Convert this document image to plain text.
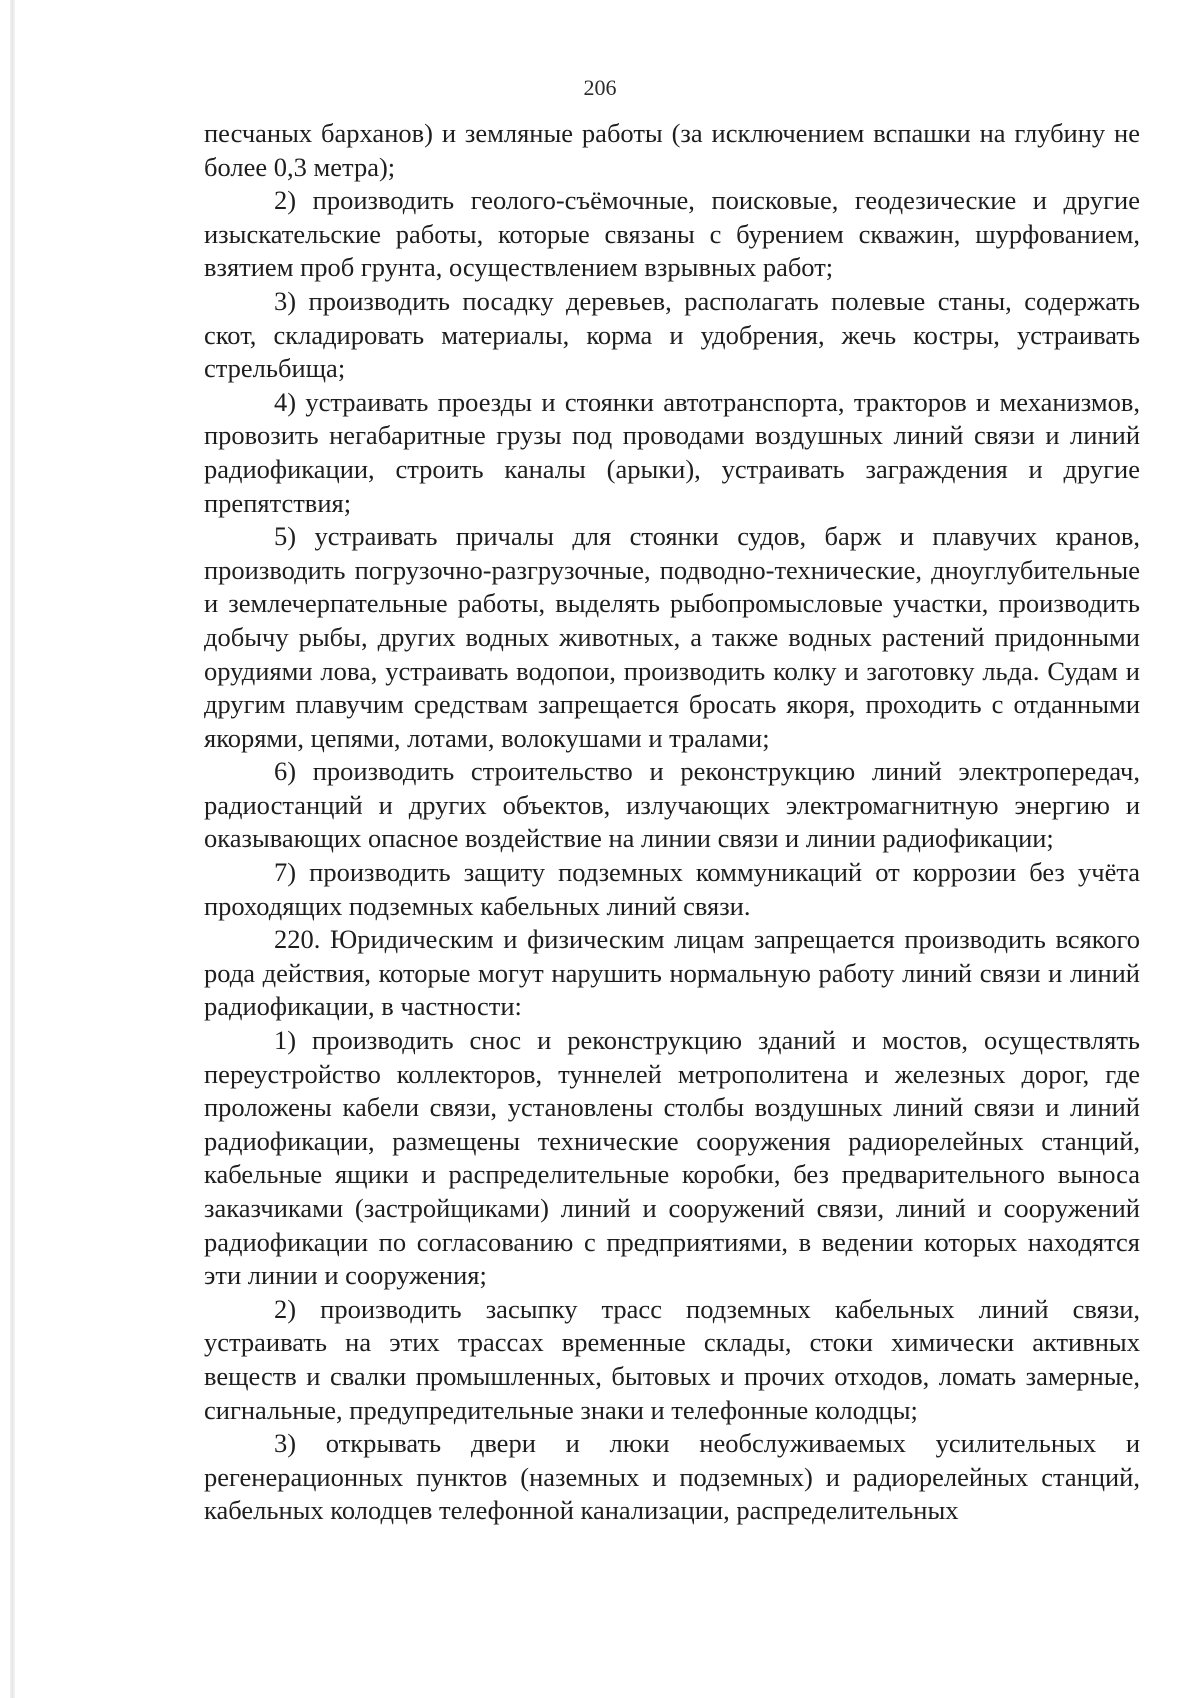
206

песчаных барханов) и земляные работы (за исключением вспашки на глубину не более 0,3 метра);

2) производить геолого-съёмочные, поисковые, геодезические и другие изыскательские работы, которые связаны с бурением скважин, шурфованием, взятием проб грунта, осуществлением взрывных работ;

3) производить посадку деревьев, располагать полевые станы, содержать скот, складировать материалы, корма и удобрения, жечь костры, устраивать стрельбища;

4) устраивать проезды и стоянки автотранспорта, тракторов и механизмов, провозить негабаритные грузы под проводами воздушных линий связи и линий радиофикации, строить каналы (арыки), устраивать заграждения и другие препятствия;

5) устраивать причалы для стоянки судов, барж и плавучих кранов, производить погрузочно-разгрузочные, подводно-технические, дноуглубительные и землечерпательные работы, выделять рыбопромысловые участки, производить добычу рыбы, других водных животных, а также водных растений придонными орудиями лова, устраивать водопои, производить колку и заготовку льда. Судам и другим плавучим средствам запрещается бросать якоря, проходить с отданными якорями, цепями, лотами, волокушами и тралами;

6) производить строительство и реконструкцию линий электропередач, радиостанций и других объектов, излучающих электромагнитную энергию и оказывающих опасное воздействие на линии связи и линии радиофикации;

7) производить защиту подземных коммуникаций от коррозии без учёта проходящих подземных кабельных линий связи.

220. Юридическим и физическим лицам запрещается производить всякого рода действия, которые могут нарушить нормальную работу линий связи и линий радиофикации, в частности:

1) производить снос и реконструкцию зданий и мостов, осуществлять переустройство коллекторов, туннелей метрополитена и железных дорог, где проложены кабели связи, установлены столбы воздушных линий связи и линий радиофикации, размещены технические сооружения радиорелейных станций, кабельные ящики и распределительные коробки, без предварительного выноса заказчиками (застройщиками) линий и сооружений связи, линий и сооружений радиофикации по согласованию с предприятиями, в ведении которых находятся эти линии и сооружения;

2) производить засыпку трасс подземных кабельных линий связи, устраивать на этих трассах временные склады, стоки химически активных веществ и свалки промышленных, бытовых и прочих отходов, ломать замерные, сигнальные, предупредительные знаки и телефонные колодцы;

3) открывать двери и люки необслуживаемых усилительных и регенерационных пунктов (наземных и подземных) и радиорелейных станций, кабельных колодцев телефонной канализации, распределительных
